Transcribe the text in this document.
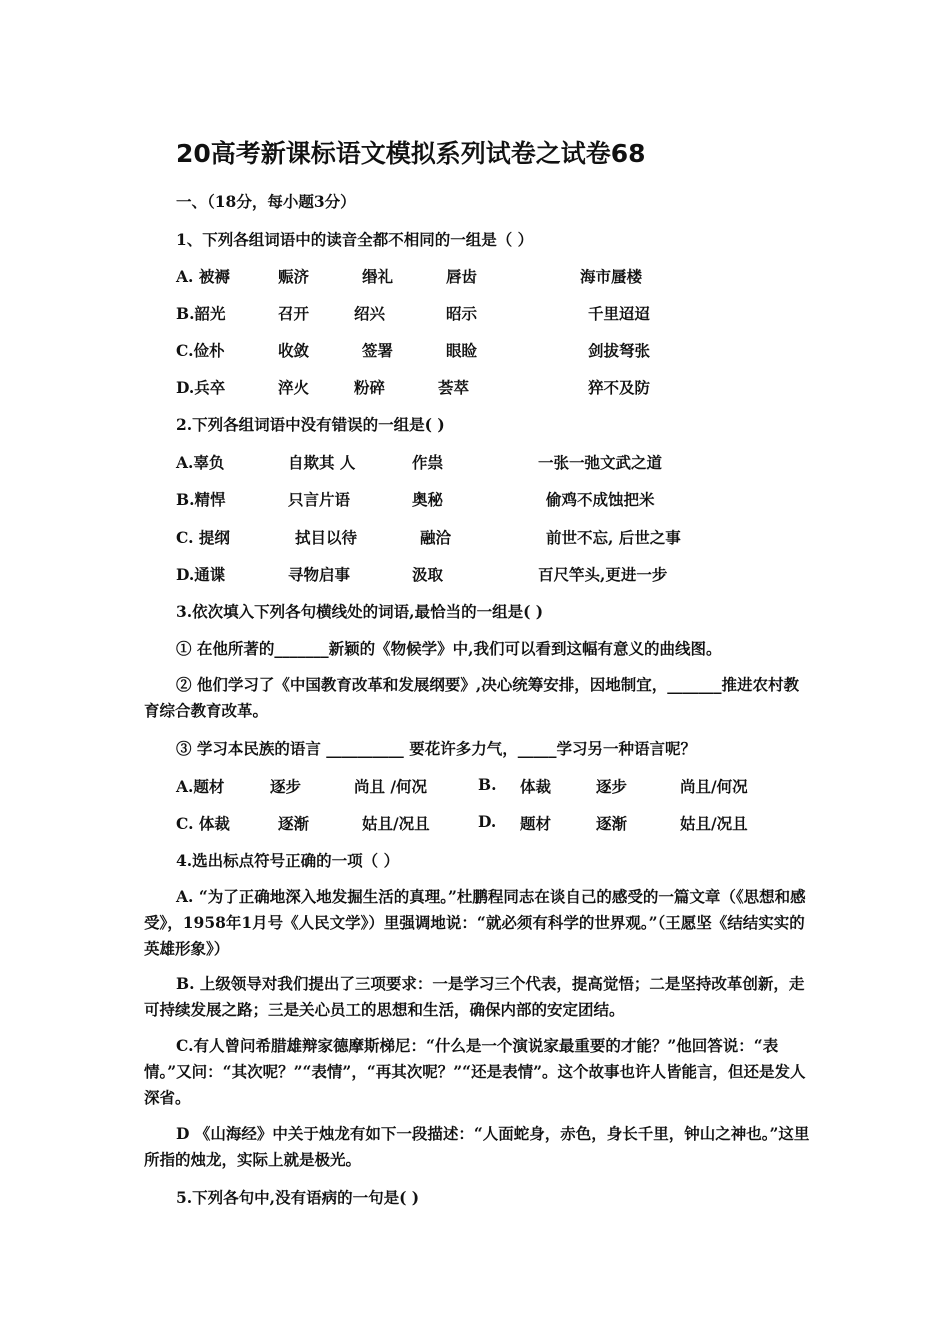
20高考新课标语文模拟系列试卷之试卷68
一、（18分，每小题3分）
1、下列各组词语中的读音全都不相同的一组是（ ）
A. 被褥	赈济	缗礼	唇齿	海市蜃楼
B.韶光	召开	绍兴	昭示	千里迢迢
C.俭朴	收敛	签署	眼睑	剑拔弩张
D.兵卒	淬火	粉碎	荟萃	猝不及防
2.下列各组词语中没有错误的一组是( )
A.辜负	自欺其 人	作祟	一张一弛文武之道
B.精悍	只言片语	奥秘	偷鸡不成蚀把米
C. 提纲	拭目以待	融洽	前世不忘, 后世之事
D.通谍	寻物启事	汲取	百尺竿头,更进一步
3.依次填入下列各句横线处的词语,最恰当的一组是( )
① 在他所著的_______新颖的《物候学》中,我们可以看到这幅有意义的曲线图。
② 他们学习了《中国教育改革和发展纲要》,决心统筹安排，因地制宜，_______推进农村教育综合教育改革。
③ 学习本民族的语言 __________ 要花许多力气，_____学习另一种语言呢？
A.题材	逐步	尚且 /何况	B. 体裁	逐步	尚且/何况
C. 体裁	逐渐	姑且/况且	D. 题材	逐渐	姑且/况且
4.选出标点符号正确的一项（ ）
A. “为了正确地深入地发掘生活的真理。”杜鹏程同志在谈自己的感受的一篇文章（《思想和感受》，1958年1月号《人民文学》）里强调地说：“就必须有科学的世界观。”（王愿坚《结结实实的英雄形象》）
B. 上级领导对我们提出了三项要求：一是学习三个代表，提高觉悟；二是坚持改革创新，走可持续发展之路；三是关心员工的思想和生活，确保内部的安定团结。
C.有人曾问希腊雄辩家德摩斯梯尼：“什么是一个演说家最重要的才能？”他回答说：“表情。”又问：“其次呢？”“表情”，“再其次呢？”“还是表情”。这个故事也许人皆能言，但还是发人深省。
D 《山海经》中关于烛龙有如下一段描述：“人面蛇身，赤色，身长千里，钟山之神也。”这里所指的烛龙，实际上就是极光。
5.下列各句中,没有语病的一句是( )
